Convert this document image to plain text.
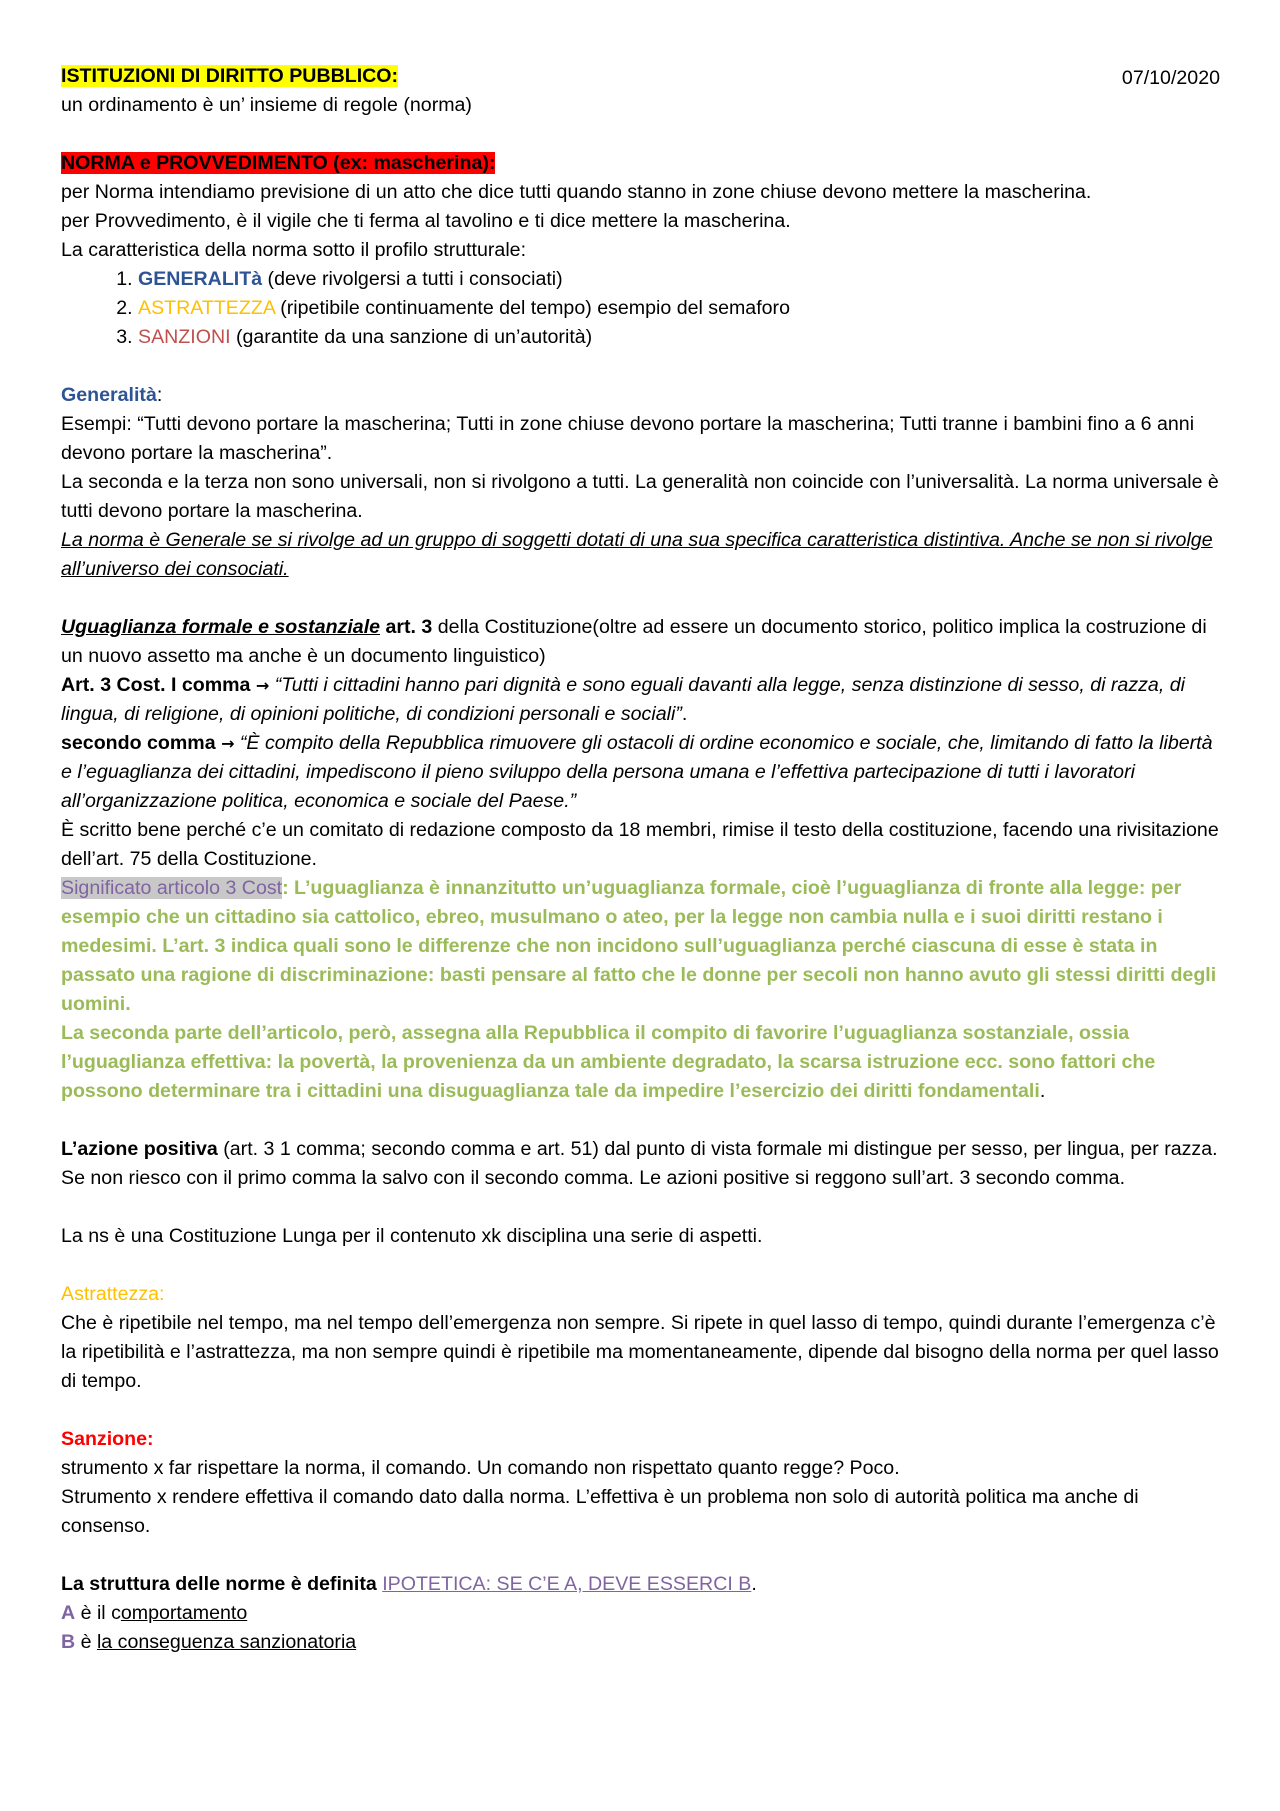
07/10/2020

ISTITUZIONI DI DIRITTO PUBBLICO:

un ordinamento è un’ insieme di regole (norma)

NORMA e PROVVEDIMENTO (ex: mascherina):

per Norma intendiamo previsione di un atto che dice tutti quando stanno in zone chiuse devono mettere la mascherina.

per Provvedimento, è il vigile che ti ferma al tavolino e ti dice mettere la mascherina.

La caratteristica della norma sotto il profilo strutturale:

1. GENERALITà (deve rivolgersi a tutti i consociati)
2. ASTRATTEZZA (ripetibile continuamente del tempo) esempio del semaforo
3. SANZIONI (garantite da una sanzione di un’autorità)

Generalità:

Esempi: “Tutti devono portare la mascherina; Tutti in zone chiuse devono portare la mascherina; Tutti tranne i bambini fino a 6 anni devono portare la mascherina”.

La seconda e la terza non sono universali, non si rivolgono a tutti. La generalità non coincide con l’universalità. La norma universale è tutti devono portare la mascherina.

La norma è Generale se si rivolge ad un gruppo di soggetti dotati di una sua specifica caratteristica distintiva. Anche se non si rivolge all’universo dei consociati.

Uguaglianza formale e sostanziale art. 3 della Costituzione(oltre ad essere un documento storico, politico implica la costruzione di un nuovo assetto ma anche è un documento linguistico)

Art. 3 Cost. I comma → “Tutti i cittadini hanno pari dignità e sono eguali davanti alla legge, senza distinzione di sesso, di razza, di lingua, di religione, di opinioni politiche, di condizioni personali e sociali”.

secondo comma → “È compito della Repubblica rimuovere gli ostacoli di ordine economico e sociale, che, limitando di fatto la libertà e l’eguaglianza dei cittadini, impediscono il pieno sviluppo della persona umana e l’effettiva partecipazione di tutti i lavoratori all’organizzazione politica, economica e sociale del Paese.”

È scritto bene perché c’e un comitato di redazione composto da 18 membri, rimise il testo della costituzione, facendo una rivisitazione dell’art. 75 della Costituzione.

Significato articolo 3 Cost: L’uguaglianza è innanzitutto un’uguaglianza formale, cioè l’uguaglianza di fronte alla legge: per esempio che un cittadino sia cattolico, ebreo, musulmano o ateo, per la legge non cambia nulla e i suoi diritti restano i medesimi. L’art. 3 indica quali sono le differenze che non incidono sull’uguaglianza perché ciascuna di esse è stata in passato una ragione di discriminazione: basti pensare al fatto che le donne per secoli non hanno avuto gli stessi diritti degli uomini.

La seconda parte dell’articolo, però, assegna alla Repubblica il compito di favorire l’uguaglianza sostanziale, ossia l’uguaglianza effettiva: la povertà, la provenienza da un ambiente degradato, la scarsa istruzione ecc. sono fattori che possono determinare tra i cittadini una disuguaglianza tale da impedire l’esercizio dei diritti fondamentali.

L’azione positiva (art. 3 1 comma; secondo comma e art. 51) dal punto di vista formale mi distingue per sesso, per lingua, per razza. Se non riesco con il primo comma la salvo con il secondo comma. Le azioni positive si reggono sull’art. 3 secondo comma.

La ns è una Costituzione Lunga per il contenuto xk disciplina una serie di aspetti.

Astrattezza:

Che è ripetibile nel tempo, ma nel tempo dell’emergenza non sempre. Si ripete in quel lasso di tempo, quindi durante l’emergenza c’è la ripetibilità e l’astrattezza, ma non sempre quindi è ripetibile ma momentaneamente, dipende dal bisogno della norma per quel lasso di tempo.

Sanzione:

strumento x far rispettare la norma, il comando. Un comando non rispettato quanto regge? Poco.

Strumento x rendere effettiva il comando dato dalla norma. L’effettiva è un problema non solo di autorità politica ma anche di consenso.

La struttura delle norme è definita IPOTETICA: SE C’E A, DEVE ESSERCI B.

A è il comportamento

B è la conseguenza sanzionatoria
